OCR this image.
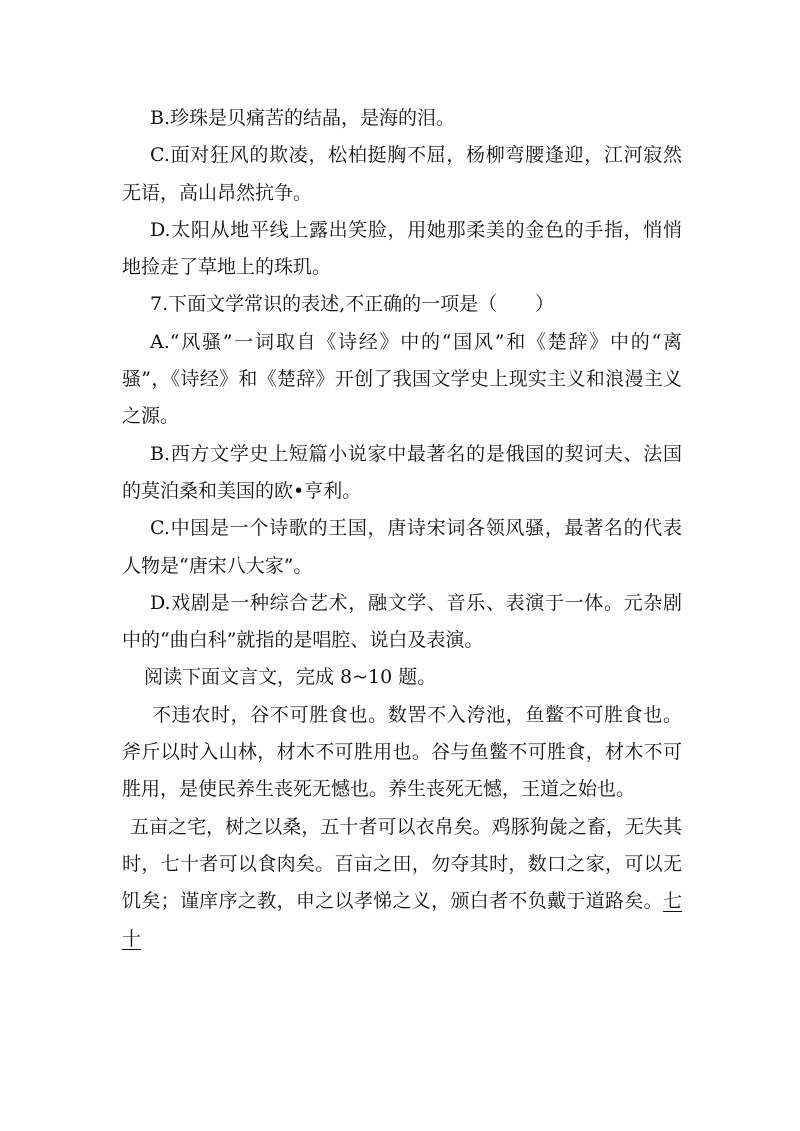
B.珍珠是贝痛苦的结晶，是海的泪。

C.面对狂风的欺凌，松柏挺胸不屈，杨柳弯腰逢迎，江河寂然无语，高山昂然抗争。

D.太阳从地平线上露出笑脸，用她那柔美的金色的手指，悄悄地捡走了草地上的珠玑。

7.下面文学常识的表述,不正确的一项是（　　）

A.“风骚”一词取自《诗经》中的“国风”和《楚辞》中的“离骚”，《诗经》和《楚辞》开创了我国文学史上现实主义和浪漫主义之源。

B.西方文学史上短篇小说家中最著名的是俄国的契诃夫、法国的莫泊桑和美国的欧•亨利。

C.中国是一个诗歌的王国，唐诗宋词各领风骚，最著名的代表人物是“唐宋八大家”。

D.戏剧是一种综合艺术，融文学、音乐、表演于一体。元杂剧中的“曲白科”就指的是唱腔、说白及表演。

阅读下面文言文，完成 8~10 题。

不违农时，谷不可胜食也。数罟不入洿池，鱼鳖不可胜食也。斧斤以时入山林，材木不可胜用也。谷与鱼鳖不可胜食，材木不可胜用，是使民养生丧死无憾也。养生丧死无憾，王道之始也。

五亩之宅，树之以桑，五十者可以衣帛矣。鸡豚狗彘之畜，无失其时，七十者可以食肉矣。百亩之田，勿夺其时，数口之家，可以无饥矣；谨庠序之教，申之以孝悌之义，颁白者不负戴于道路矣。七十
